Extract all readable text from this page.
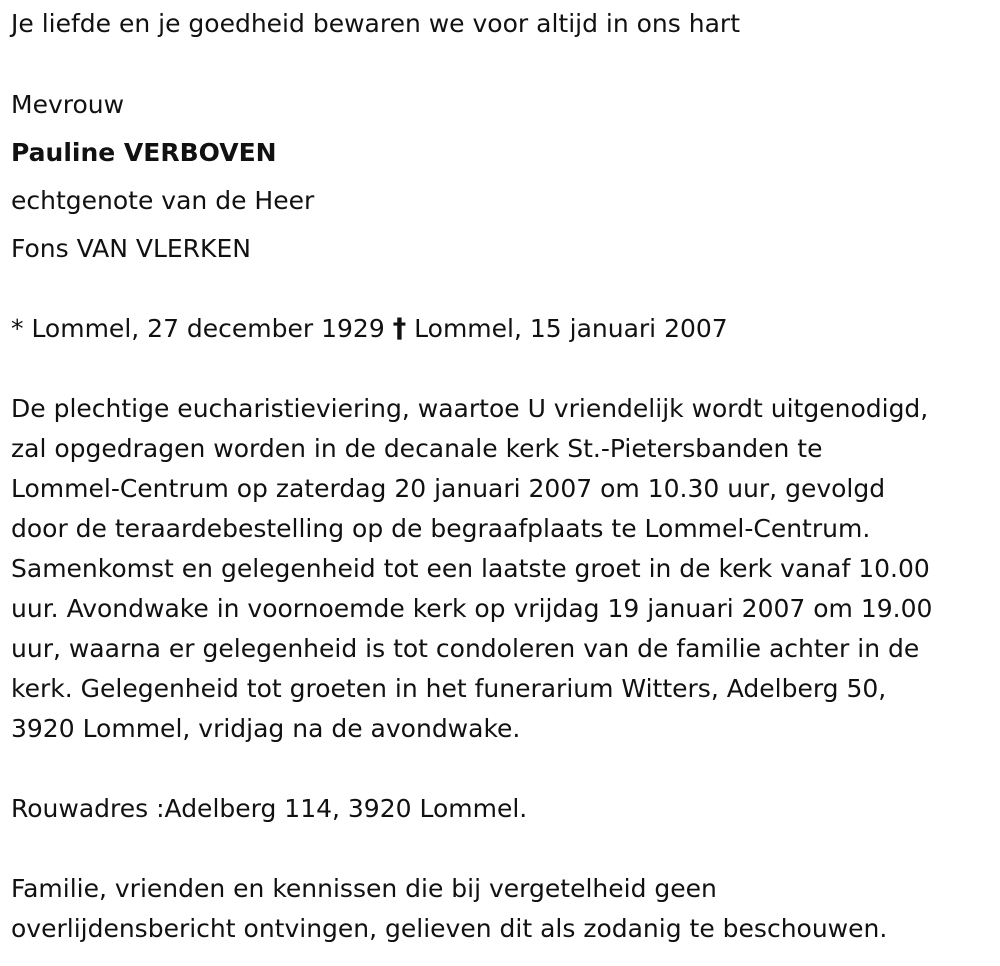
Je liefde en je goedheid bewaren we voor altijd in ons hart
Mevrouw
Pauline VERBOVEN
echtgenote van de Heer
Fons VAN VLERKEN
* Lommel, 27 december 1929 † Lommel, 15 januari 2007
De plechtige eucharistieviering, waartoe U vriendelijk wordt uitgenodigd,
zal opgedragen worden in de decanale kerk St.-Pietersbanden te
Lommel-Centrum op zaterdag 20 januari 2007 om 10.30 uur, gevolgd
door de teraardebestelling op de begraafplaats te Lommel-Centrum.
Samenkomst en gelegenheid tot een laatste groet in de kerk vanaf 10.00
uur. Avondwake in voornoemde kerk op vrijdag 19 januari 2007 om 19.00
uur, waarna er gelegenheid is tot condoleren van de familie achter in de
kerk. Gelegenheid tot groeten in het funerarium Witters, Adelberg 50,
3920 Lommel, vridjag na de avondwake.
Rouwadres :Adelberg 114, 3920 Lommel.
Familie, vrienden en kennissen die bij vergetelheid geen
overlijdensbericht ontvingen, gelieven dit als zodanig te beschouwen.
